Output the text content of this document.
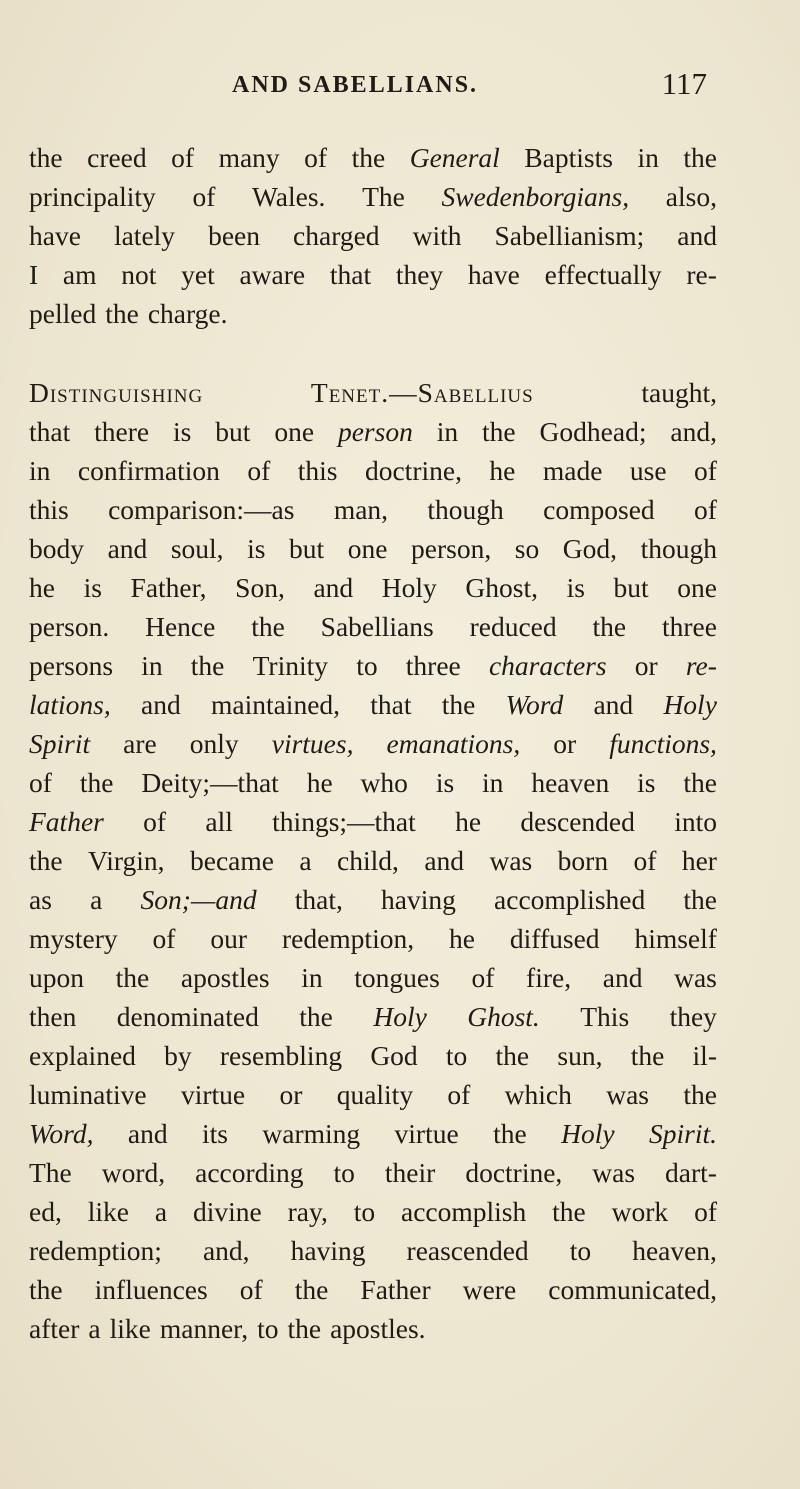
AND SABELLIANS.	117
the creed of many of the General Baptists in the
principality of Wales. The Swedenborgians, also,
have lately been charged with Sabellianism; and
I am not yet aware that they have effectually re-
pelled the charge.
Distinguishing	Tenet.—Sabellius	taught,
that there is but one person in the Godhead; and,
in confirmation of this doctrine, he made use of
this comparison:—as man, though composed of
body and soul, is but one person, so God, though
he is Father, Son, and Holy Ghost, is but one
person. Hence the Sabellians reduced the three
persons in the Trinity to three characters or re-
lations, and maintained, that the Word and Holy
Spirit are only virtues, emanations, or functions,
of the Deity;—that he who is in heaven is the
Father of all things;—that he descended into
the Virgin, became a child, and was born of her
as a Son;—and that, having accomplished the
mystery of our redemption, he diffused himself
upon the apostles in tongues of fire, and was
then denominated the Holy Ghost. This they
explained by resembling God to the sun, the il-
luminative virtue or quality of which was the
Word, and its warming virtue the Holy Spirit.
The word, according to their doctrine, was dart-
ed, like a divine ray, to accomplish the work of
redemption; and, having reascended to heaven,
the influences of the Father were communicated,
after a like manner, to the apostles.
